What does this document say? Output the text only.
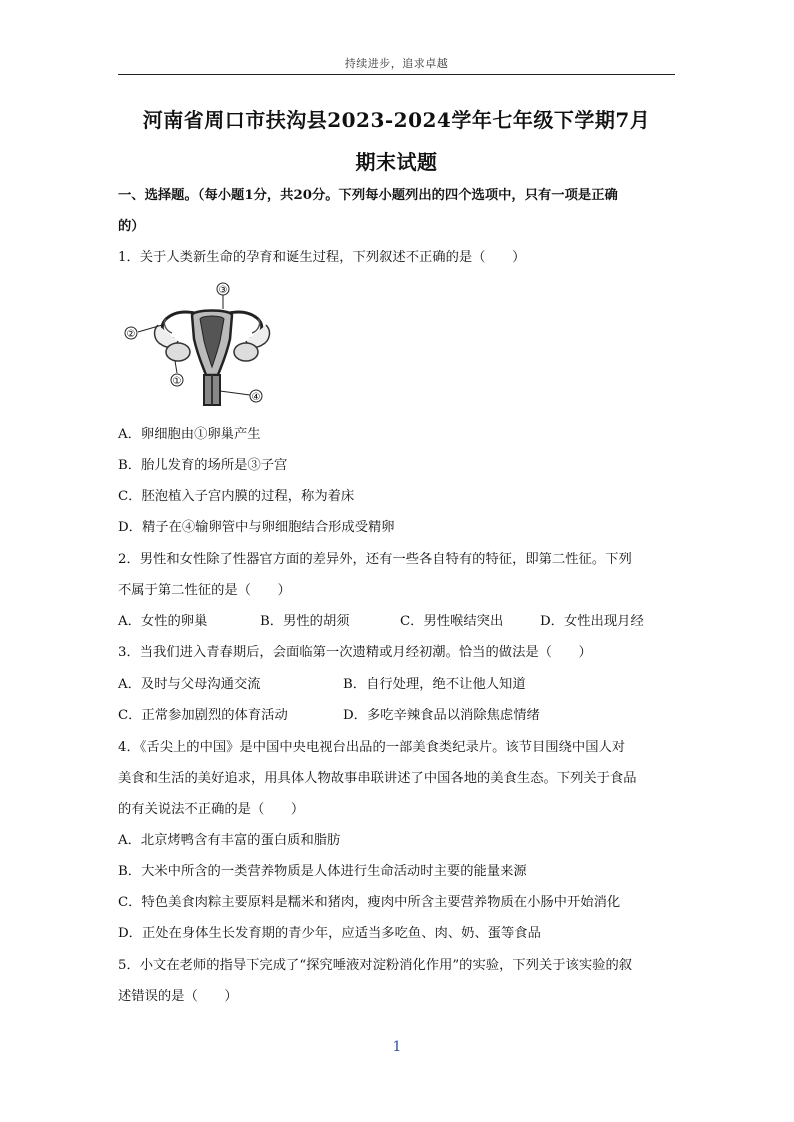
持续进步，追求卓越
河南省周口市扶沟县2023-2024学年七年级下学期7月
期末试题
一、选择题。（每小题1分，共20分。下列每小题列出的四个选项中，只有一项是正确
的）
1．关于人类新生命的孕育和诞生过程，下列叙述不正确的是（　　）
③
②
①
④
A．卵细胞由①卵巢产生
B．胎儿发育的场所是③子宫
C．胚泡植入子宫内膜的过程，称为着床
D．精子在④输卵管中与卵细胞结合形成受精卵
2．男性和女性除了性器官方面的差异外，还有一些各自特有的特征，即第二性征。下列
不属于第二性征的是（　　）
A．女性的卵巢	B．男性的胡须	C．男性喉结突出	D．女性出现月经
3．当我们进入青春期后，会面临第一次遗精或月经初潮。恰当的做法是（　　）
A．及时与父母沟通交流	B．自行处理，绝不让他人知道
C．正常参加剧烈的体育活动	D．多吃辛辣食品以消除焦虑情绪
4．《舌尖上的中国》是中国中央电视台出品的一部美食类纪录片。该节目围绕中国人对
美食和生活的美好追求，用具体人物故事串联讲述了中国各地的美食生态。下列关于食品
的有关说法不正确的是（　　）
A．北京烤鸭含有丰富的蛋白质和脂肪
B．大米中所含的一类营养物质是人体进行生命活动时主要的能量来源
C．特色美食肉粽主要原料是糯米和猪肉，瘦肉中所含主要营养物质在小肠中开始消化
D．正处在身体生长发育期的青少年，应适当多吃鱼、肉、奶、蛋等食品
5．小文在老师的指导下完成了“探究唾液对淀粉消化作用”的实验，下列关于该实验的叙
述错误的是（　　）
1
